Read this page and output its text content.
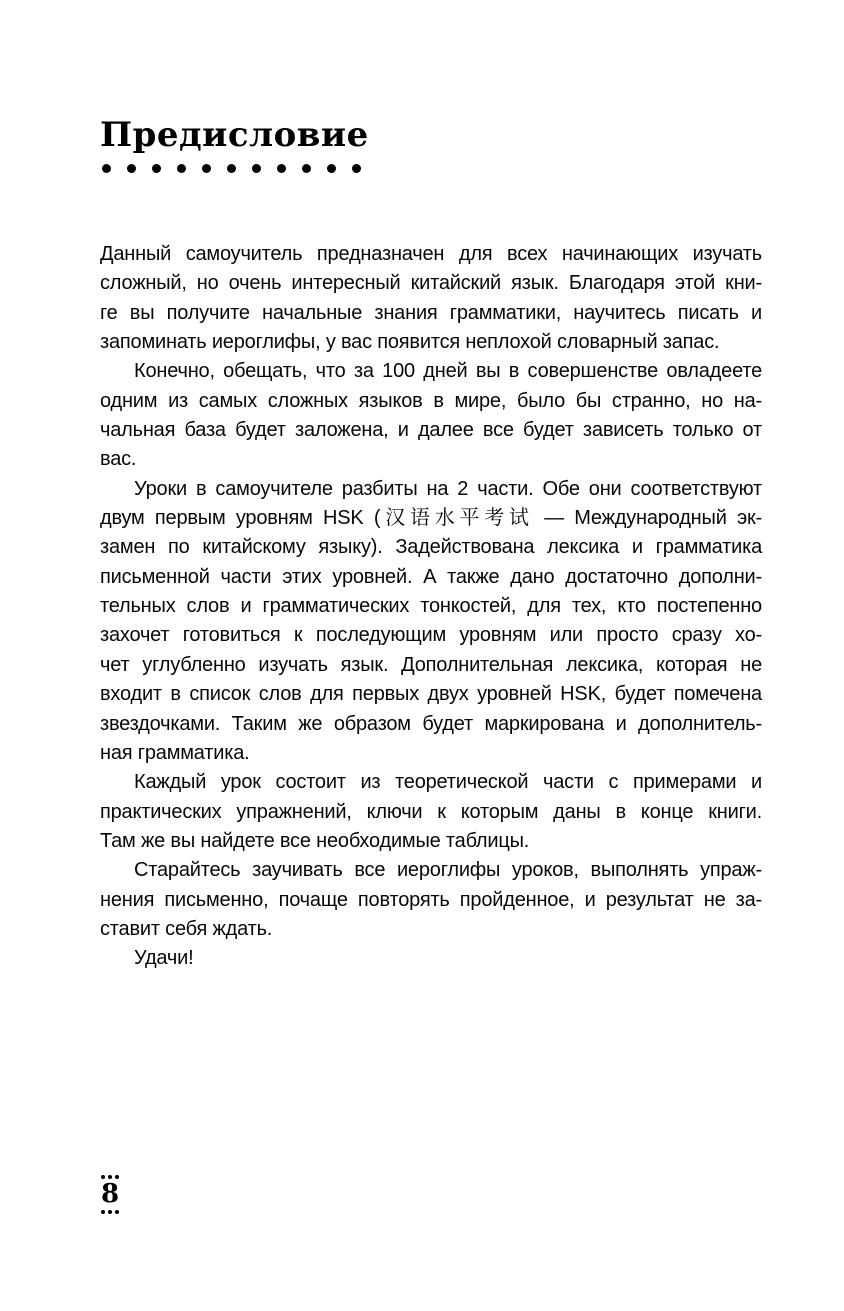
Предисловие

Данный самоучитель предназначен для всех начинающих изучать
сложный, но очень интересный китайский язык. Благодаря этой кни-
ге вы получите начальные знания грамматики, научитесь писать и
запоминать иероглифы, у вас появится неплохой словарный запас.

Конечно, обещать, что за 100 дней вы в совершенстве овладеете
одним из самых сложных языков в мире, было бы странно, но на-
чальная база будет заложена, и далее все будет зависеть только от
вас.

Уроки в самоучителе разбиты на 2 части. Обе они соответствуют
двум первым уровням HSK (汉语水平考试 — Международный эк-
замен по китайскому языку). Задействована лексика и грамматика
письменной части этих уровней. А также дано достаточно дополни-
тельных слов и грамматических тонкостей, для тех, кто постепенно
захочет готовиться к последующим уровням или просто сразу хо-
чет углубленно изучать язык. Дополнительная лексика, которая не
входит в список слов для первых двух уровней HSK, будет помечена
звездочками. Таким же образом будет маркирована и дополнитель-
ная грамматика.

Каждый урок состоит из теоретической части с примерами и
практических упражнений, ключи к которым даны в конце книги.
Там же вы найдете все необходимые таблицы.

Старайтесь заучивать все иероглифы уроков, выполнять упраж-
нения письменно, почаще повторять пройденное, и результат не за-
ставит себя ждать.

Удачи!

8
